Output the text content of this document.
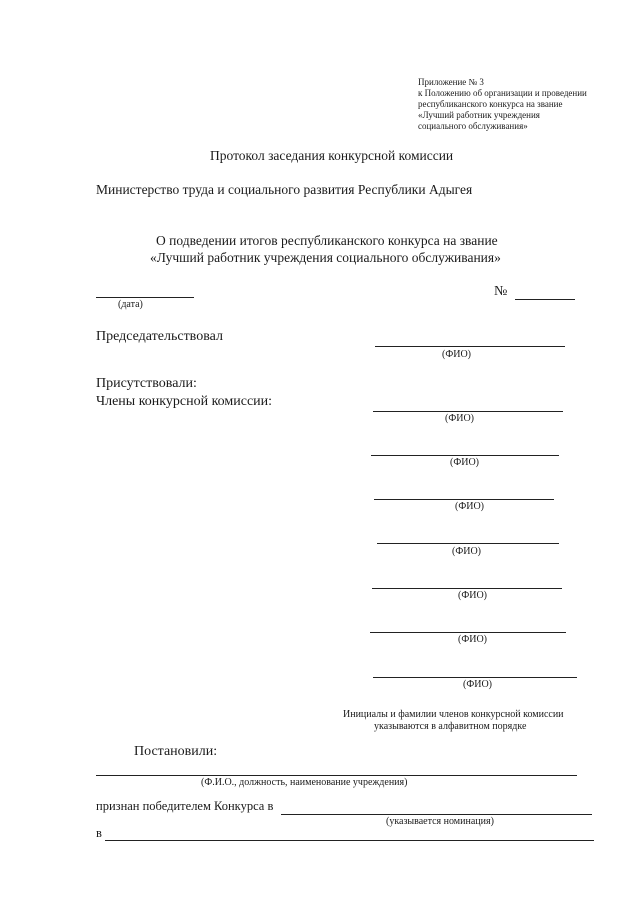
Приложение № 3
к Положению об организации и проведении
республиканского конкурса на звание
«Лучший работник учреждения
социального обслуживания»
Протокол заседания конкурсной комиссии
Министерство труда и социального развития Республики Адыгея
О подведении итогов республиканского конкурса на звание
«Лучший работник учреждения социального обслуживания»
(дата)
№
Председательствовал
(ФИО)
Присутствовали:
Члены конкурсной комиссии:
(ФИО)
(ФИО)
(ФИО)
(ФИО)
(ФИО)
(ФИО)
(ФИО)
Инициалы и фамилии членов конкурсной комиссии
указываются в алфавитном порядке
Постановили:
(Ф.И.О., должность, наименование учреждения)
признан победителем Конкурса в
(указывается номинация)
в
